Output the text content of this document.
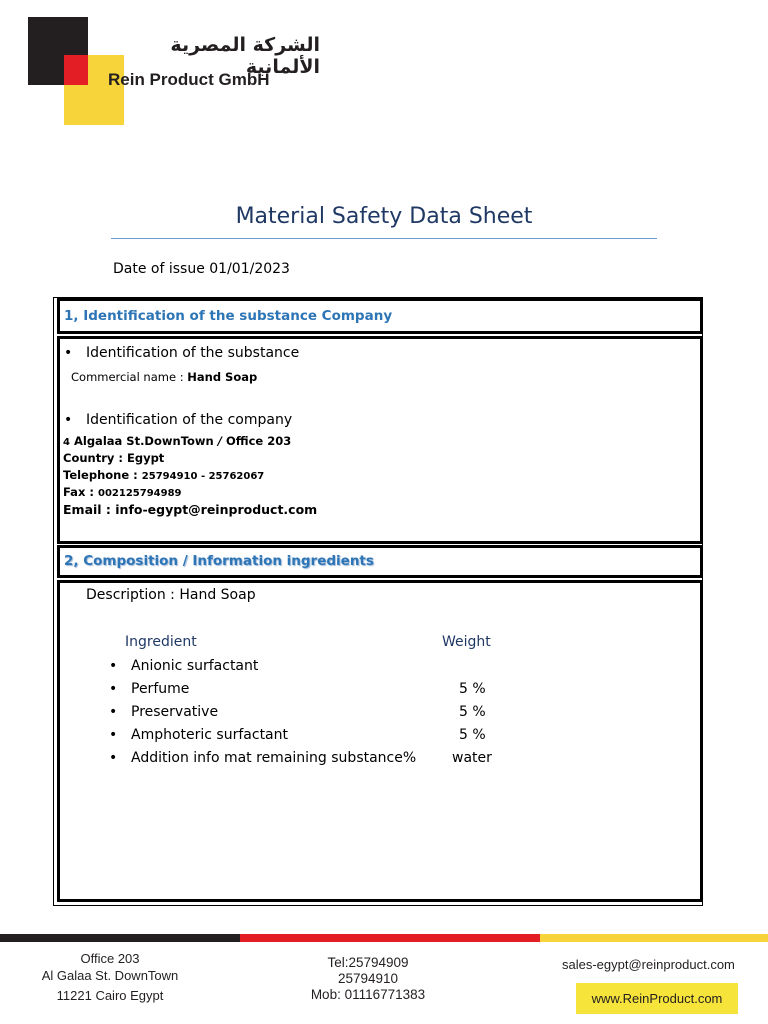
الشركة المصرية الألمانية
Rein Product GmbH
Material Safety Data Sheet
Date of issue 01/01/2023
1, Identification of the substance Company
• Identification of the substance
Commercial name : Hand Soap
• Identification of the company
4 Algalaa St.DownTown / Office 203
Country : Egypt
Telephone : 25794910 - 25762067
Fax : 002125794989
Email : info-egypt@reinproduct.com
2, Composition / Information ingredients
Description : Hand Soap
Ingredient	Weight
• Anionic surfactant
• Perfume	5 %
• Preservative	5 %
• Amphoteric surfactant	5 %
• Addition info mat remaining substance%	water
Office 203
Al Galaa St. DownTown
11221 Cairo Egypt
Tel:25794909
25794910
Mob: 01116771383
sales-egypt@reinproduct.com
www.ReinProduct.com
